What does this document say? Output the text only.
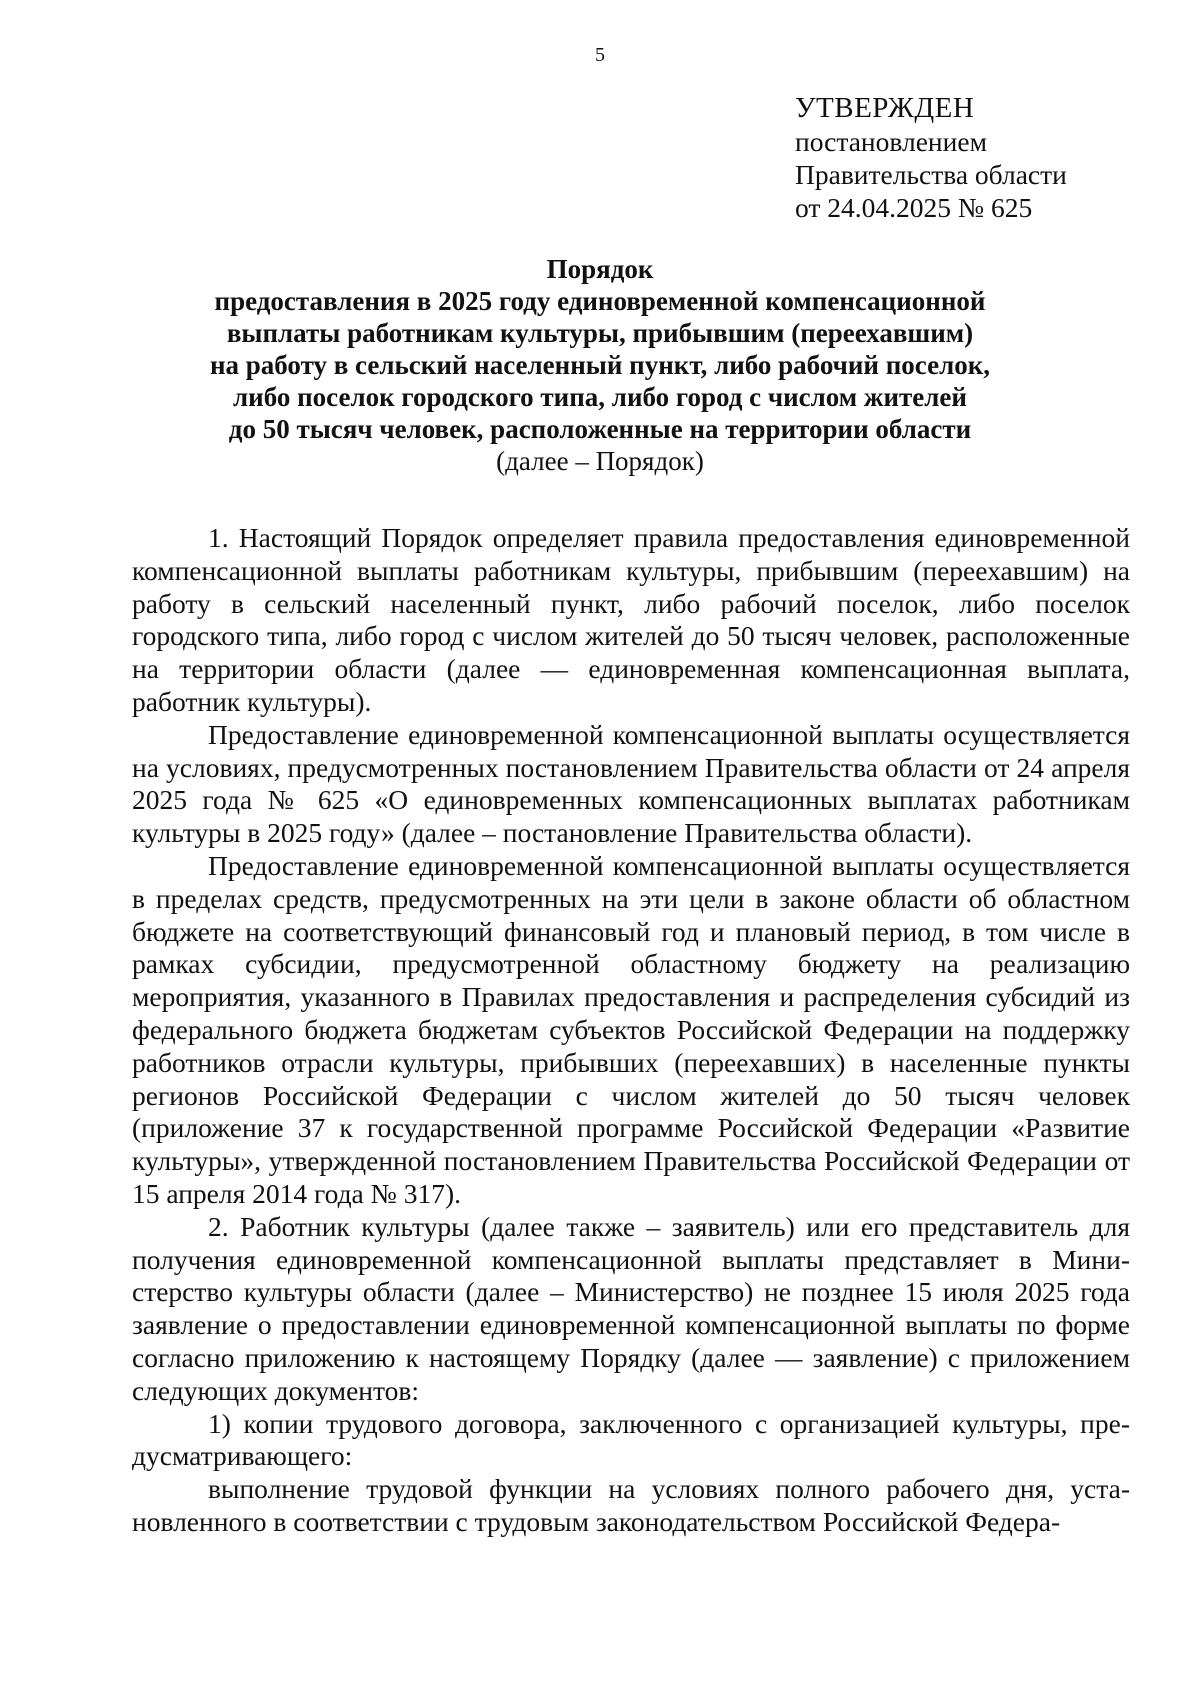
5
УТВЕРЖДЕН
постановлением
Правительства области
от 24.04.2025 № 625
Порядок
предоставления в 2025 году единовременной компенсационной
выплаты работникам культуры, прибывшим (переехавшим)
на работу в сельский населенный пункт, либо рабочий поселок,
либо поселок городского типа, либо город с числом жителей
до 50 тысяч человек, расположенные на территории области
(далее – Порядок)

1. Настоящий Порядок определяет правила предоставления единовременной компенсационной выплаты работникам культуры, прибывшим (переехавшим) на работу в сельский населенный пункт, либо рабочий поселок, либо поселок городского типа, либо город с числом жителей до 50 тысяч человек, расположенные на территории области (далее — единовременная компенсационная выплата, работник культуры).

Предоставление единовременной компенсационной выплаты осуществляется на условиях, предусмотренных постановлением Правительства области от 24 апреля 2025 года № 625 «О единовременных компенсационных выплатах работникам культуры в 2025 году» (далее – постановление Правительства области).

Предоставление единовременной компенсационной выплаты осуществляется в пределах средств, предусмотренных на эти цели в законе области об областном бюджете на соответствующий финансовый год и плановый период, в том числе в рамках субсидии, предусмотренной областному бюджету на реализацию мероприятия, указанного в Правилах предоставления и распределения субсидий из федерального бюджета бюджетам субъектов Российской Федерации на поддержку работников отрасли культуры, прибывших (переехавших) в населенные пункты регионов Российской Федерации с числом жителей до 50 тысяч человек (приложение 37 к государственной программе Российской Федерации «Развитие культуры», утвержденной постановлением Правительства Российской Федерации от 15 апреля 2014 года № 317).

2. Работник культуры (далее также – заявитель) или его представитель для получения единовременной компенсационной выплаты представляет в Министерство культуры области (далее – Министерство) не позднее 15 июля 2025 года заявление о предоставлении единовременной компенсационной выплаты по форме согласно приложению к настоящему Порядку (далее — заявление) с приложением следующих документов:

1) копии трудового договора, заключенного с организацией культуры, предусматривающего:

выполнение трудовой функции на условиях полного рабочего дня, установленного в соответствии с трудовым законодательством Российской Федера-
